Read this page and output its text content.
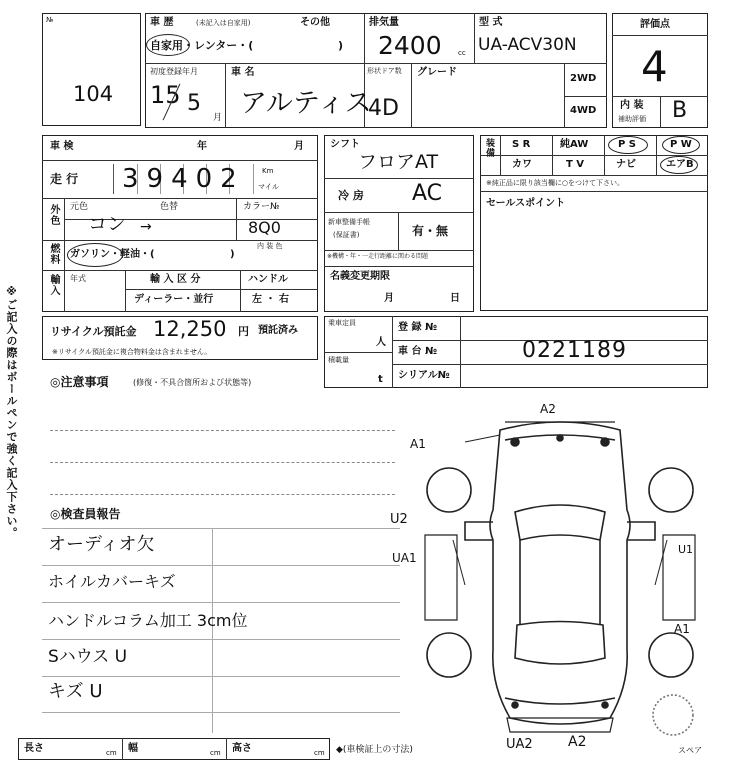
№
104
車 歴	(未記入は自家用)	その他
自家用・レンター・(	)
排気量
2400 cc
型 式
UA-ACV30N
初度登録年月
15 5
月
車 名
アルティス
4D
形状ドア数 グレード
2WD
4WD
評価点
4
内 装
補助評価 B
車 検	年	月
走 行 39402 Km
マイル
外色 元色	色替
コン →
カラー№
8Q0
内 装 色
燃料 ガソリン・軽油・(	)
輸入 年式	輸 入 区 分
ディーラー・並行
ハンドル
左 ・ 右
シフト
フロアAT
冷 房 AC
新車整備手帳
(保証書)	有・無
※機構・年・一走行距離に関わる問題
名義変更期限
月	日
装備 S R	純AW	P S	P W
カワ	T V	ナビ	エアB
※純正品に限り該当欄に○をつけて下さい。
セールスポイント
リサイクル預託金 12,250 円 預託済み
※リサイクル預託金に複合物料金は含まれません。
乗車定員
人
積載量
t
登 録 №
車 台 №	0221189
シリアル№
◎注意事項	(修復・不具合箇所および状態等)
◎検査員報告
オーディオ欠
ホイルカバーキズ
ハンドルコラム加工 3cm位
Sハウス U
キズ U
A2
A1
U2
UA1
U1
A1
UA2	A2
スペア
長さ	cm 幅	cm 高さ	cm ◆(車検証上の寸法)
※ご記入の際はボールペンで強く記入下さい。
